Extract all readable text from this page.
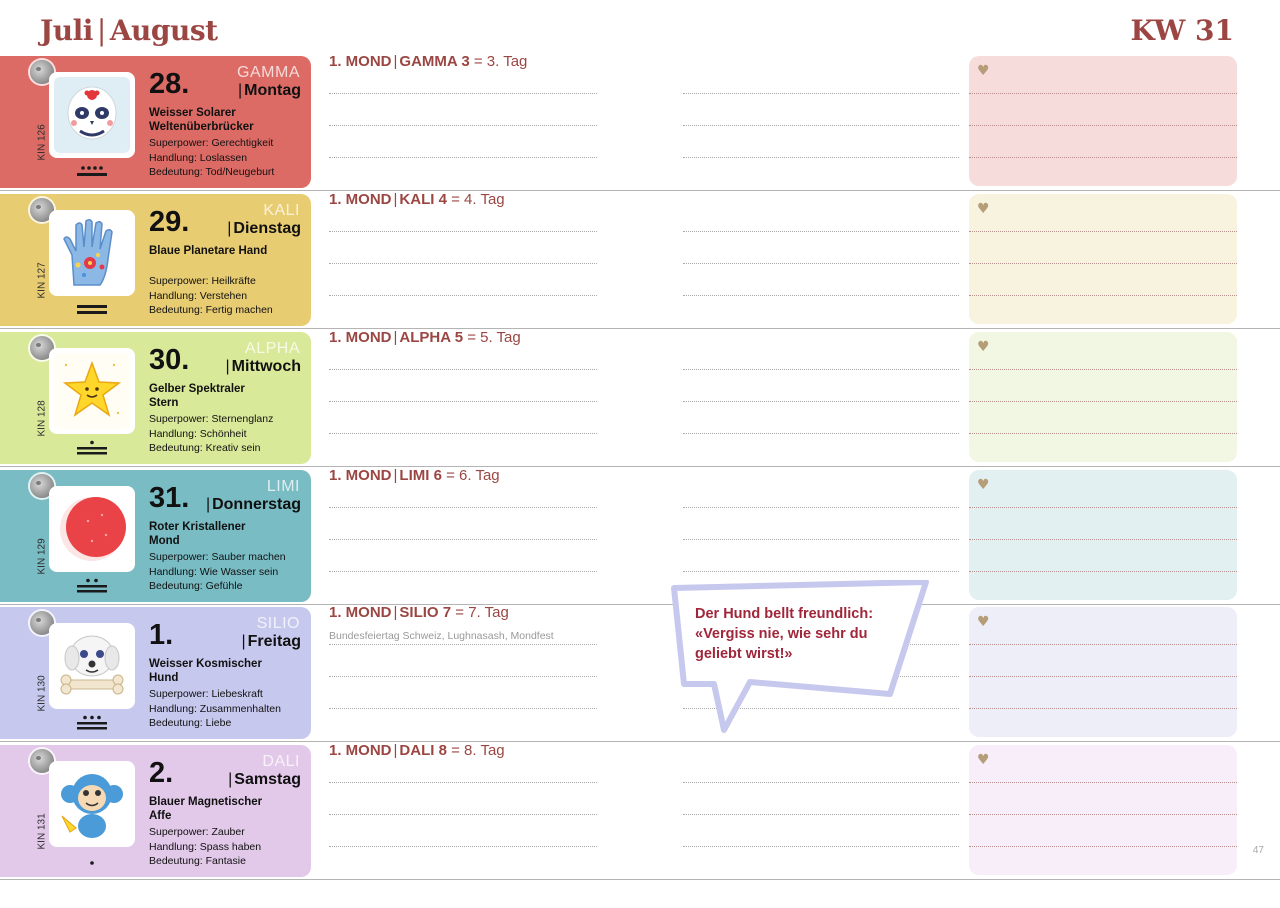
Juli | August	KW 31
KIN 126
GAMMA
28.	| Montag
Weisser Solarer Weltenüberbrücker
Superpower: Gerechtigkeit
Handlung: Loslassen
Bedeutung: Tod/Neugeburt
1. MOND | GAMMA 3 = 3. Tag
♥
KIN 127
KALI
29. | Dienstag
Blaue Planetare Hand
Superpower: Heilkräfte
Handlung: Verstehen
Bedeutung: Fertig machen
1. MOND | KALI 4 = 4. Tag
♥
KIN 128
ALPHA
30. | Mittwoch
Gelber Spektraler Stern
Superpower: Sternenglanz
Handlung: Schönheit
Bedeutung: Kreativ sein
1. MOND | ALPHA 5 = 5. Tag
♥
KIN 129
LIMI
31. | Donnerstag
Roter Kristallener Mond
Superpower: Sauber machen
Handlung: Wie Wasser sein
Bedeutung: Gefühle
1. MOND | LIMI 6 = 6. Tag
♥
KIN 130
SILIO
1.	| Freitag
Weisser Kosmischer Hund
Superpower: Liebeskraft
Handlung: Zusammenhalten
Bedeutung: Liebe
1. MOND | SILIO 7 = 7. Tag
Bundesfeiertag Schweiz, Lughnasash, Mondfest
♥
KIN 131
DALI
2.	| Samstag
Blauer Magnetischer Affe
Superpower: Zauber
Handlung: Spass haben
Bedeutung: Fantasie
1. MOND | DALI 8 = 8. Tag
♥
Der Hund bellt freundlich:
«Vergiss nie, wie sehr du
geliebt wirst!»
47
